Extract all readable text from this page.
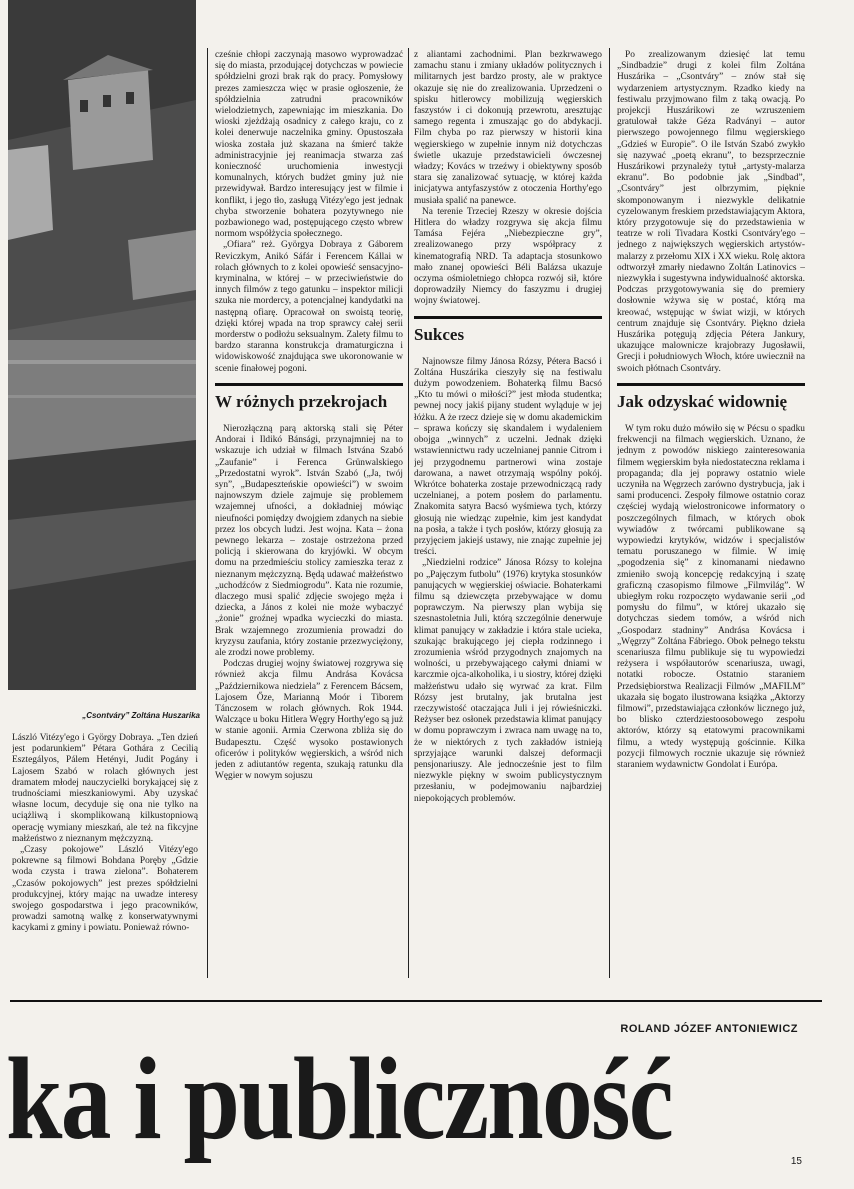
„Csontváry” Zoltána Huszarika

László Vitézy'ego i György Dobraya. „Ten dzień jest podarunkiem” Pétara Gothára z Cecilią Esztegályos, Pálem Hetényi, Judit Pogány i Lajosem Szabó w rolach głównych jest dramatem młodej nauczycielki borykającej się z trudnościami mieszkaniowymi. Aby uzyskać własne locum, decyduje się ona nie tylko na uciążliwą i skomplikowaną kilkustopniową operację wymiany mieszkań, ale też na fikcyjne małżeństwo z nieznanym mężczyzną.

„Czasy pokojowe” László Vitézy'ego pokrewne są filmowi Bohdana Poręby „Gdzie woda czysta i trawa zielona”. Bohaterem „Czasów pokojowych” jest prezes spółdzielni produkcyjnej, który mając na uwadze interesy swojego gospodarstwa i jego pracowników, prowadzi samotną walkę z konserwatywnymi kacykami z gminy i powiatu. Ponieważ równo-

cześnie chłopi zaczynają masowo wyprowadzać się do miasta, przodującej dotychczas w powiecie spółdzielni grozi brak rąk do pracy. Pomysłowy prezes zamieszcza więc w prasie ogłoszenie, że spółdzielnia zatrudni pracowników wielodzietnych, zapewniając im mieszkania. Do wioski zjeżdżają osadnicy z całego kraju, co z kolei denerwuje naczelnika gminy. Opustoszała wioska została już skazana na śmierć także administracyjnie jej reanimacja stwarza zaś konieczność uruchomienia inwestycji komunalnych, których budżet gminy już nie przewidywał. Bardzo interesujący jest w filmie i konflikt, i jego tło, zasługą Vitézy'ego jest jednak chyba stworzenie bohatera pozytywnego nie pozbawionego wad, postępującego często wbrew normom współżycia społecznego.

„Ofiara” reż. Györgya Dobraya z Gáborem Reviczkym, Anikó Sáfár i Ferencem Kállai w rolach głównych to z kolei opowieść sensacyjno-kryminalna, w której – w przeciwieństwie do innych filmów z tego gatunku – inspektor milicji szuka nie mordercy, a potencjalnej kandydatki na następną ofiarę. Opracował on swoistą teorię, dzięki której wpada na trop sprawcy całej serii morderstw o podłożu seksualnym. Zalety filmu to bardzo staranna konstrukcja dramaturgiczna i widowiskowość znajdująca swe ukoronowanie w scenie finałowej pogoni.

W różnych przekrojach

Nierozłączną parą aktorską stali się Péter Andorai i Ildikó Bánsági, przynajmniej na to wskazuje ich udział w filmach Istvána Szabó „Zaufanie” i Ferenca Grünwalskiego „Przedostatni wyrok”. István Szabó („Ja, twój syn”, „Budapeszteńskie opowieści”) w swoim najnowszym dziele zajmuje się problemem wzajemnej ufności, a dokładniej mówiąc nieufności pomiędzy dwojgiem zdanych na siebie przez los obcych ludzi. Jest wojna. Kata – żona pewnego lekarza – zostaje ostrzeżona przed policją i skierowana do kryjówki. W obcym domu na przedmieściu stolicy zamieszka teraz z nieznanym mężczyzną. Będą udawać małżeństwo „uchodźców z Siedmiogrodu”. Kata nie rozumie, dlaczego musi spalić zdjęcie swojego męża i dziecka, a János z kolei nie może wybaczyć „żonie” groźnej wpadka wycieczki do miasta. Brak wzajemnego zrozumienia prowadzi do kryzysu zaufania, który zostanie przezwyciężony, ale zrodzi nowe problemy.

Podczas drugiej wojny światowej rozgrywa się również akcja filmu Andrása Kovácsa „Październikowa niedziela” z Ferencem Bácsem, Lajosem Őze, Marianną Moór i Tiborem Tánczosem w rolach głównych. Rok 1944. Walczące u boku Hitlera Węgry Horthy'ego są już w stanie agonii. Armia Czerwona zbliża się do Budapesztu. Część wysoko postawionych oficerów i polityków węgierskich, a wśród nich jeden z adiutantów regenta, szukają ratunku dla Węgier w nowym sojuszu

z aliantami zachodnimi. Plan bezkrwawego zamachu stanu i zmiany układów politycznych i militarnych jest bardzo prosty, ale w praktyce okazuje się nie do zrealizowania. Uprzedzeni o spisku hitlerowcy mobilizują węgierskich faszystów i ci dokonują przewrotu, aresztując samego regenta i zmuszając go do abdykacji. Film chyba po raz pierwszy w historii kina węgierskiego w zupełnie innym niż dotychczas świetle ukazuje przedstawicieli ówczesnej władzy; Kovács w trzeźwy i obiektywny sposób stara się zanalizować sytuację, w której każda inicjatywa antyfaszystów z otoczenia Horthy'ego musiała spalić na panewce.

Na terenie Trzeciej Rzeszy w okresie dojścia Hitlera do władzy rozgrywa się akcja filmu Tamása Fejéra „Niebezpieczne gry”, zrealizowanego przy współpracy z kinematografią NRD. Ta adaptacja stosunkowo mało znanej opowieści Béli Balázsa ukazuje oczyma ośmioletniego chłopca rozwój sił, które doprowadziły Niemcy do faszyzmu i drugiej wojny światowej.

Sukces

Najnowsze filmy Jánosa Rózsy, Pétera Bacsó i Zoltána Huszárika cieszyły się na festiwalu dużym powodzeniem. Bohaterką filmu Bacsó „Kto tu mówi o miłości?” jest młoda studentka; pewnej nocy jakiś pijany student wyląduje w jej łóżku. A że rzecz dzieje się w domu akademickim – sprawa kończy się skandalem i wydaleniem obojga „winnych” z uczelni. Jednak dzięki wstawiennictwu rady uczelnianej pannie Citrom i jej przygodnemu partnerowi wina zostaje darowana, a nawet otrzymają wspólny pokój. Wkrótce bohaterka zostaje przewodniczącą rady uczelnianej, a potem posłem do parlamentu. Znakomita satyra Bacsó wyśmiewa tych, którzy głosują nie wiedząc zupełnie, kim jest kandydat na posła, a także i tych posłów, którzy głosują za przyjęciem jakiejś ustawy, nie znając zupełnie jej treści.

„Niedzielni rodzice” Jánosa Rózsy to kolejna po „Pajęczym futbolu” (1976) krytyka stosunków panujących w węgierskiej oświacie. Bohaterkami filmu są dziewczęta przebywające w domu poprawczym. Na pierwszy plan wybija się szesnastoletnia Juli, którą szczególnie denerwuje klimat panujący w zakładzie i która stale ucieka, szukając brakującego jej ciepła rodzinnego i zrozumienia wśród przygodnych znajomych na wolności, u przebywającego całymi dniami w karczmie ojca-alkoholika, i u siostry, której dzięki małżeństwu udało się wyrwać za krat. Film Rózsy jest brutalny, jak brutalna jest rzeczywistość otaczająca Juli i jej rówieśniczki. Reżyser bez osłonek przedstawia klimat panujący w domu poprawczym i zwraca nam uwagę na to, że w niektórych z tych zakładów istnieją sprzyjające warunki dalszej deformacji pensjonariuszy. Ale jednocześnie jest to film niezwykle piękny w swoim publicystycznym przesłaniu, w podejmowaniu najbardziej niepokojących problemów.

Po zrealizowanym dziesięć lat temu „Sindbadzie” drugi z kolei film Zoltána Huszárika – „Csontváry” – znów stał się wydarzeniem artystycznym. Rzadko kiedy na festiwalu przyjmowano film z taką owacją. Po projekcji Huszárikowi ze wzruszeniem gratulował także Géza Radványi – autor pierwszego powojennego filmu węgierskiego „Gdzieś w Europie”. O ile István Szabó zwykło się nazywać „poetą ekranu”, to bezsprzecznie Huszárikowi przynależy tytuł „artysty-malarza ekranu”. Bo podobnie jak „Sindbad”, „Csontváry” jest olbrzymim, pięknie skomponowanym i niezwykle delikatnie cyzelowanym freskiem przedstawiającym Aktora, który przygotowuje się do przedstawienia w teatrze w roli Tivadara Kostki Csontváry'ego – jednego z największych węgierskich artystów-malarzy z przełomu XIX i XX wieku. Rolę aktora odtworzył zmarły niedawno Zoltán Latinovics – niezwykła i sugestywna indywidualność aktorska. Podczas przygotowywania się do premiery dosłownie wżywa się w postać, którą ma kreować, wstępując w świat wizji, w których centrum znajduje się Csontváry. Piękno dzieła Huszárika potęgują zdjęcia Pétera Jankury, ukazujące malownicze krajobrazy Jugosławii, Grecji i południowych Włoch, które uwiecznił na swoich płótnach Csontváry.

Jak odzyskać widownię

W tym roku dużo mówiło się w Pécsu o spadku frekwencji na filmach węgierskich. Uznano, że jednym z powodów niskiego zainteresowania filmem węgierskim była niedostateczna reklama i propaganda; dla jej poprawy ostatnio wiele uczyniła na Węgrzech zarówno dystrybucja, jak i sami producenci. Zespoły filmowe ostatnio coraz częściej wydają wielostronicowe informatory o poszczególnych filmach, w których obok wywiadów z twórcami publikowane są wypowiedzi krytyków, widzów i specjalistów tematu poruszanego w filmie. W imię „pogodzenia się” z kinomanami niedawno zmieniło swoją koncepcję redakcyjną i szatę graficzną czasopismo filmowe „Filmvilág”. W ubiegłym roku rozpoczęto wydawanie serii „od pomysłu do filmu”, w której ukazało się dotychczas siedem tomów, a wśród nich „Gospodarz stadniny” Andrása Kovácsa i „Węgrzy” Zoltána Fábriego. Obok pełnego tekstu scenariusza filmu publikuje się tu wypowiedzi reżysera i współautorów scenariusza, uwagi, notatki robocze. Ostatnio staraniem Przedsiębiorstwa Realizacji Filmów „MAFILM” ukazała się bogato ilustrowana książka „Aktorzy filmowi”, przedstawiająca członków licznego już, bo blisko czterdziestoosobowego zespołu aktorów, którzy są etatowymi pracownikami filmu, a wtedy występują gościnnie. Kilka pozycji filmowych rocznie ukazuje się również staraniem wydawnictw Gondolat i Európa.

ROLAND JÓZEF ANTONIEWICZ
ka i publiczność	15
